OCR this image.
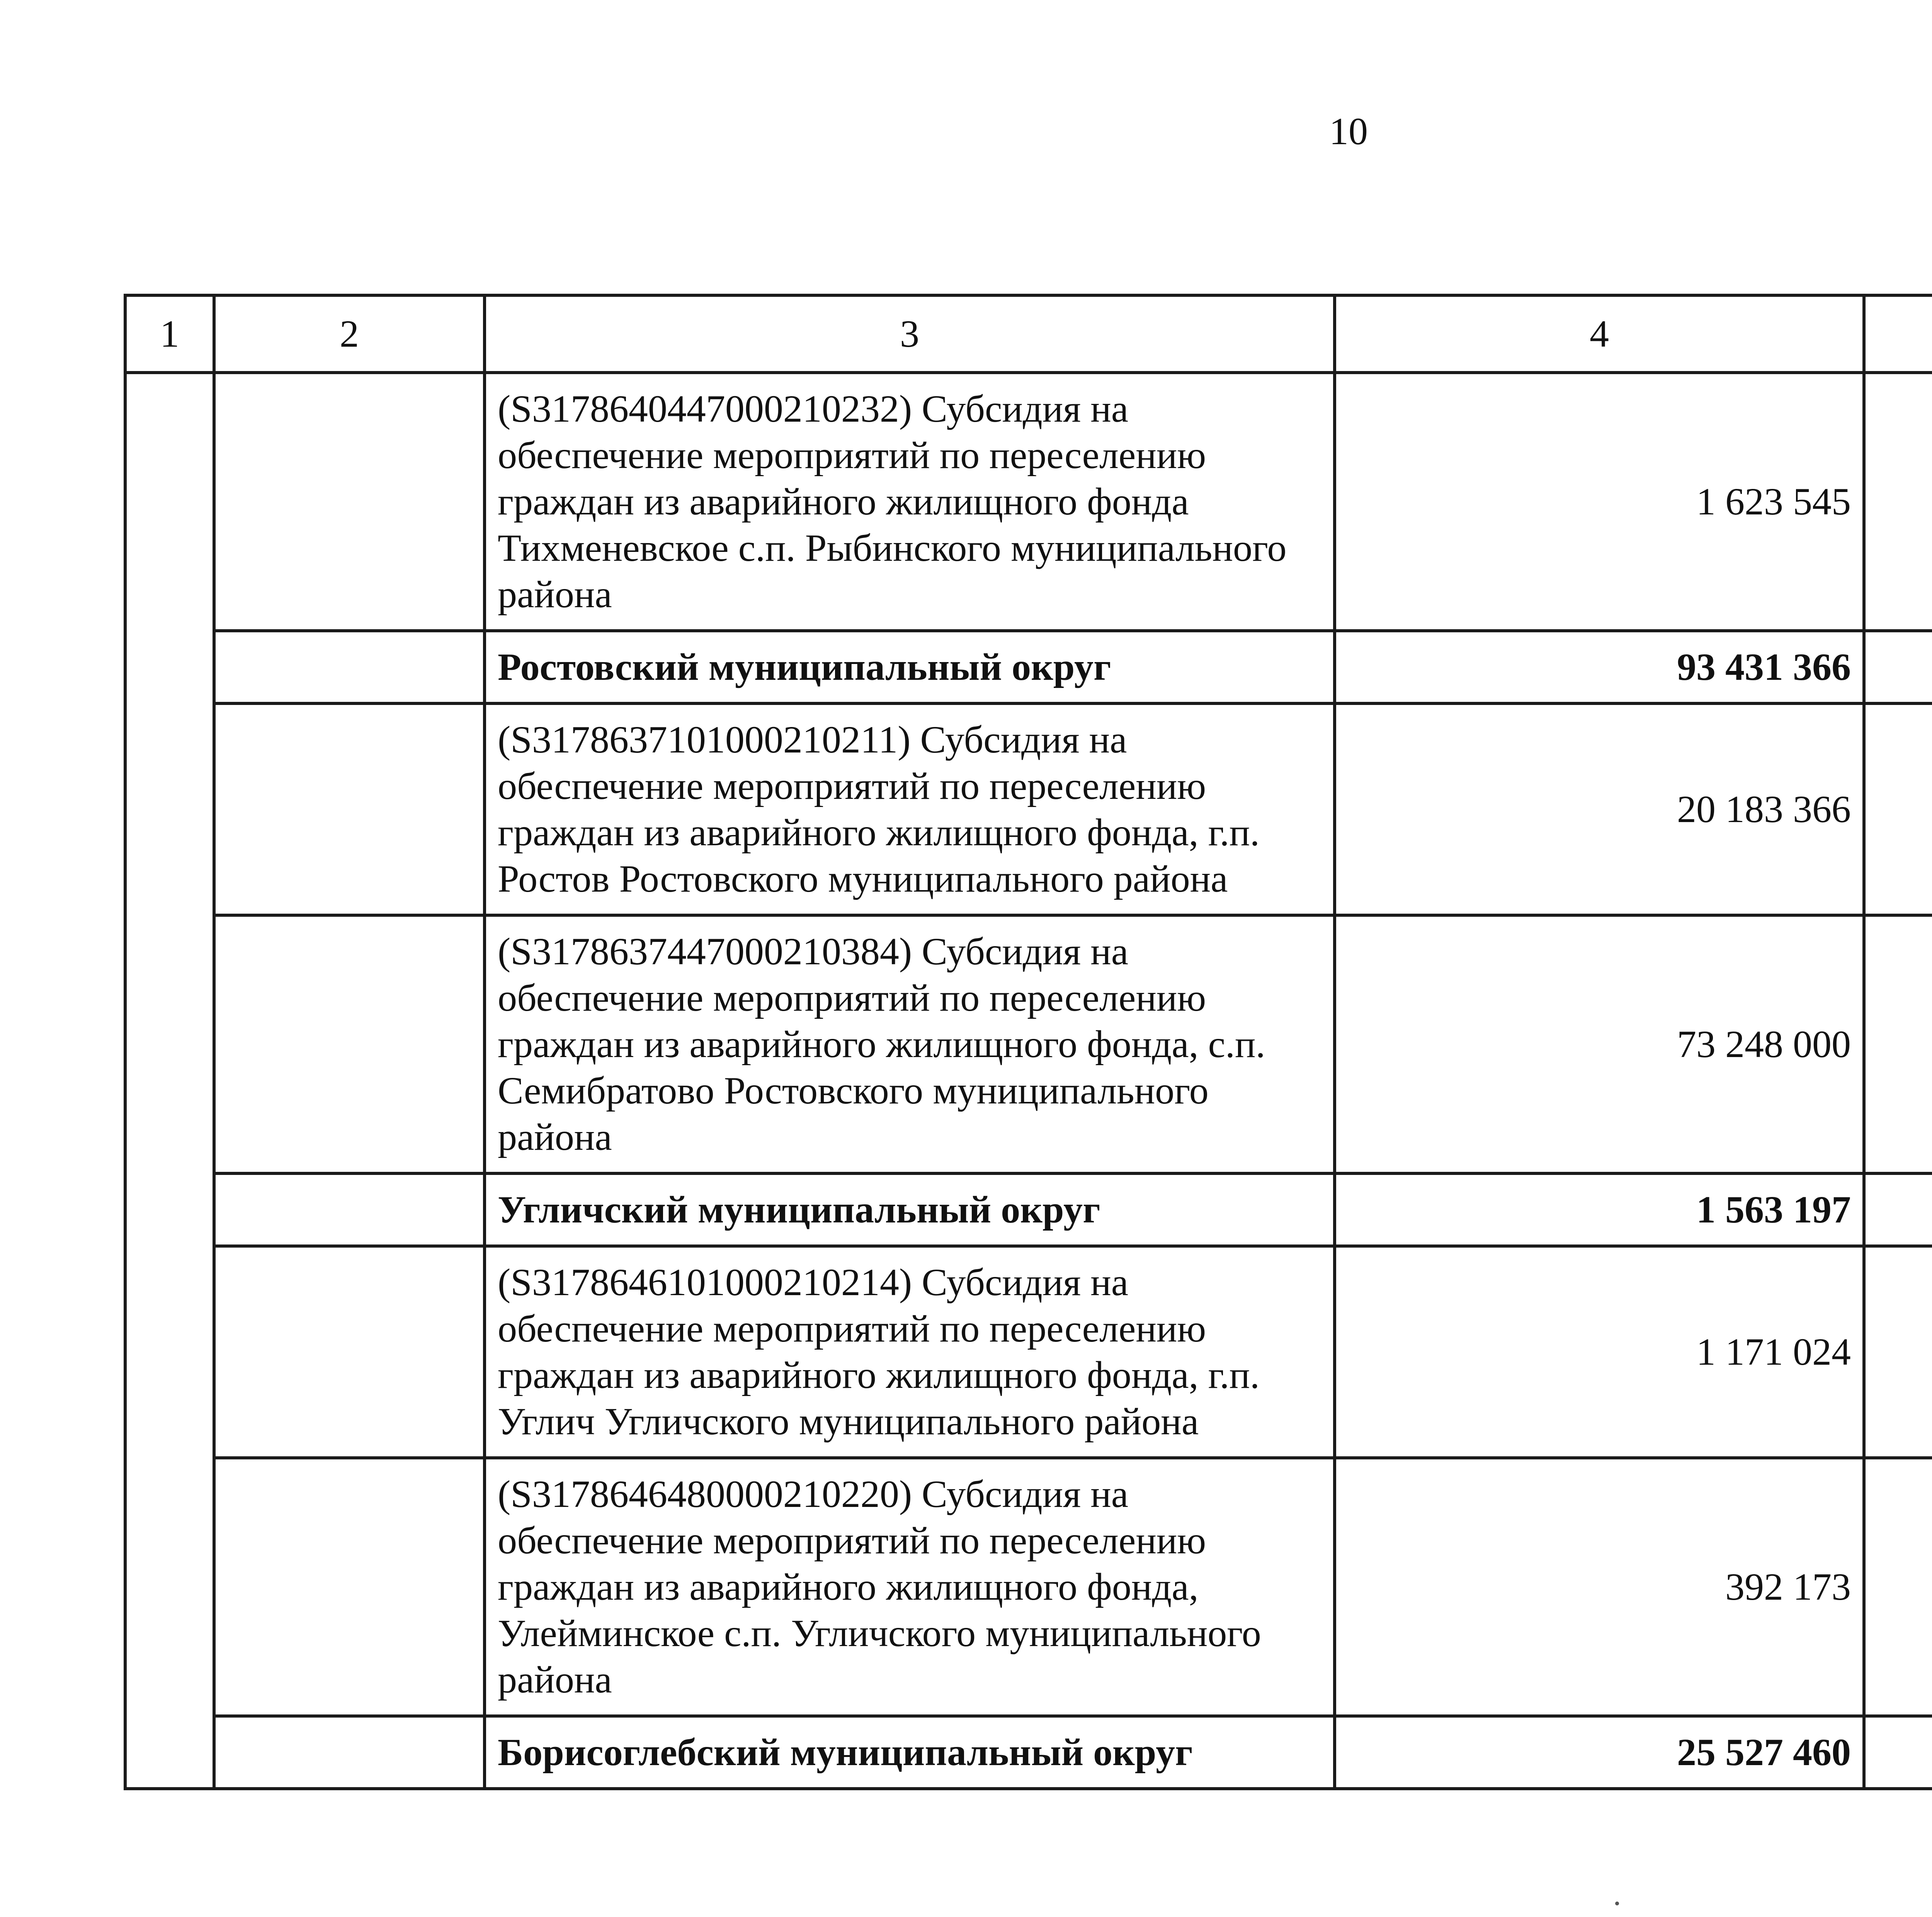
10
1	2	3	4			
		(S3178640447000210232) Субсидия на
обеспечение мероприятий по переселению
граждан из аварийного жилищного фонда
Тихменевское с.п. Рыбинского муниципального
района	1 623 545			
		Ростовский муниципальный округ	93 431 366			
		(S3178637101000210211) Субсидия на
обеспечение мероприятий по переселению
граждан из аварийного жилищного фонда, г.п.
Ростов Ростовского муниципального района	20 183 366			
		(S3178637447000210384) Субсидия на
обеспечение мероприятий по переселению
граждан из аварийного жилищного фонда, с.п.
Семибратово Ростовского муниципального
района	73 248 000			
		Угличский муниципальный округ	1 563 197			
		(S3178646101000210214) Субсидия на
обеспечение мероприятий по переселению
граждан из аварийного жилищного фонда, г.п.
Углич Угличского муниципального района	1 171 024			
		(S3178646480000210220) Субсидия на
обеспечение мероприятий по переселению
граждан из аварийного жилищного фонда,
Улейминское с.п. Угличского муниципального
района	392 173			
		Борисоглебский муниципальный округ	25 527 460			
